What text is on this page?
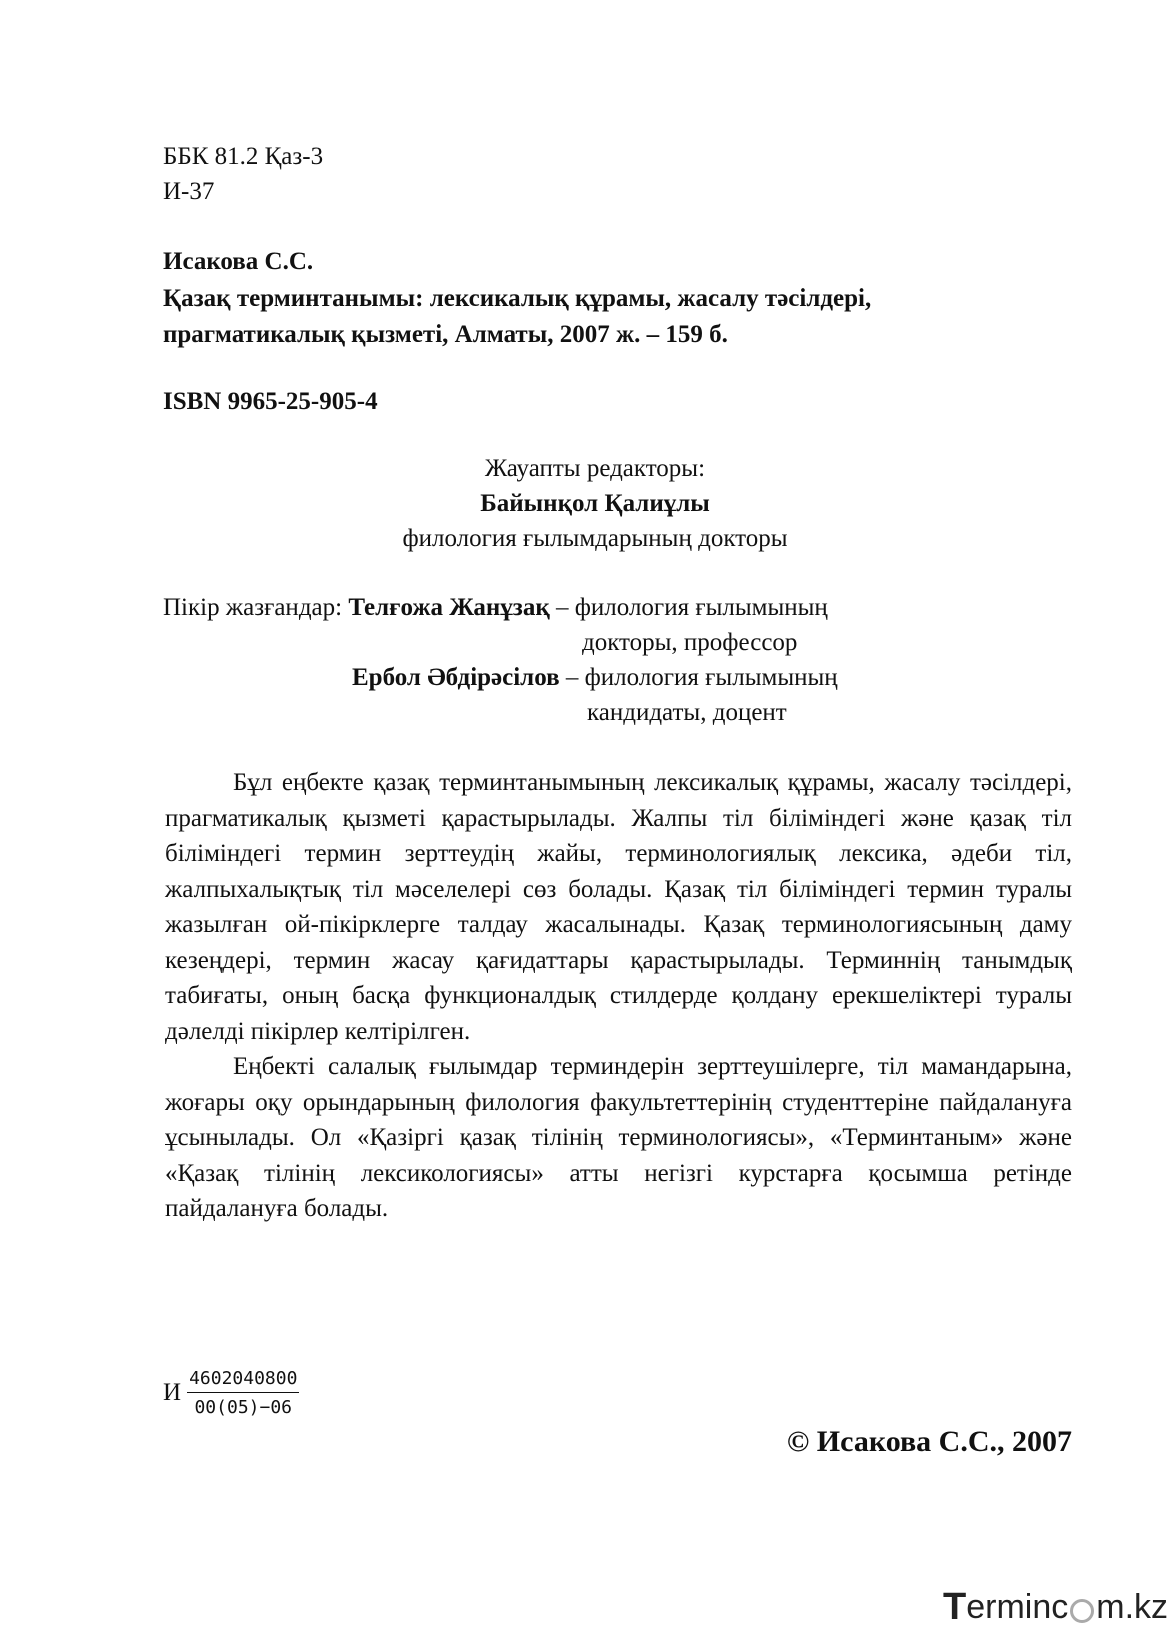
ББК 81.2 Қаз-3
И-37
Исакова С.С.
Қазақ терминтанымы: лексикалық құрамы, жасалу тәсілдері,
прагматикалық қызметі, Алматы, 2007 ж. – 159 б.
ISBN 9965-25-905-4
Жауапты редакторы:
Байынқол Қалиұлы
филология ғылымдарының докторы
Пікір жазғандар: Телғожа Жанұзақ – филология ғылымының
докторы, профессор
Ербол Әбдірәсілов – филология ғылымының
кандидаты, доцент
Бұл еңбекте қазақ терминтанымының лексикалық құрамы, жасалу тәсілдері, прагматикалық қызметі қарастырылады. Жалпы тіл біліміндегі және қазақ тіл біліміндегі термин зерттеудің жайы, терминологиялық лексика, әдеби тіл, жалпыхалықтық тіл мәселелері сөз болады. Қазақ тіл біліміндегі термин туралы жазылған ой-пікірклерге талдау жасалынады. Қазақ терминологиясының даму кезеңдері, термин жасау қағидаттары қарастырылады. Терминнің танымдық табиғаты, оның басқа функционалдық стилдерде қолдану ерекшеліктері туралы дәлелді пікірлер келтірілген.
Еңбекті салалық ғылымдар терминдерін зерттеушілерге, тіл мамандарына, жоғары оқу орындарының филология факультеттерінің студенттеріне пайдалануға ұсынылады. Ол «Қазіргі қазақ тілінің терминологиясы», «Терминтаным» және «Қазақ тілінің лексикологиясы» атты негізгі курстарға қосымша ретінде пайдалануға болады.
И $\frac{4602040800}{00(05)-06}$
© Исакова С.С., 2007
T erminc m.kz
